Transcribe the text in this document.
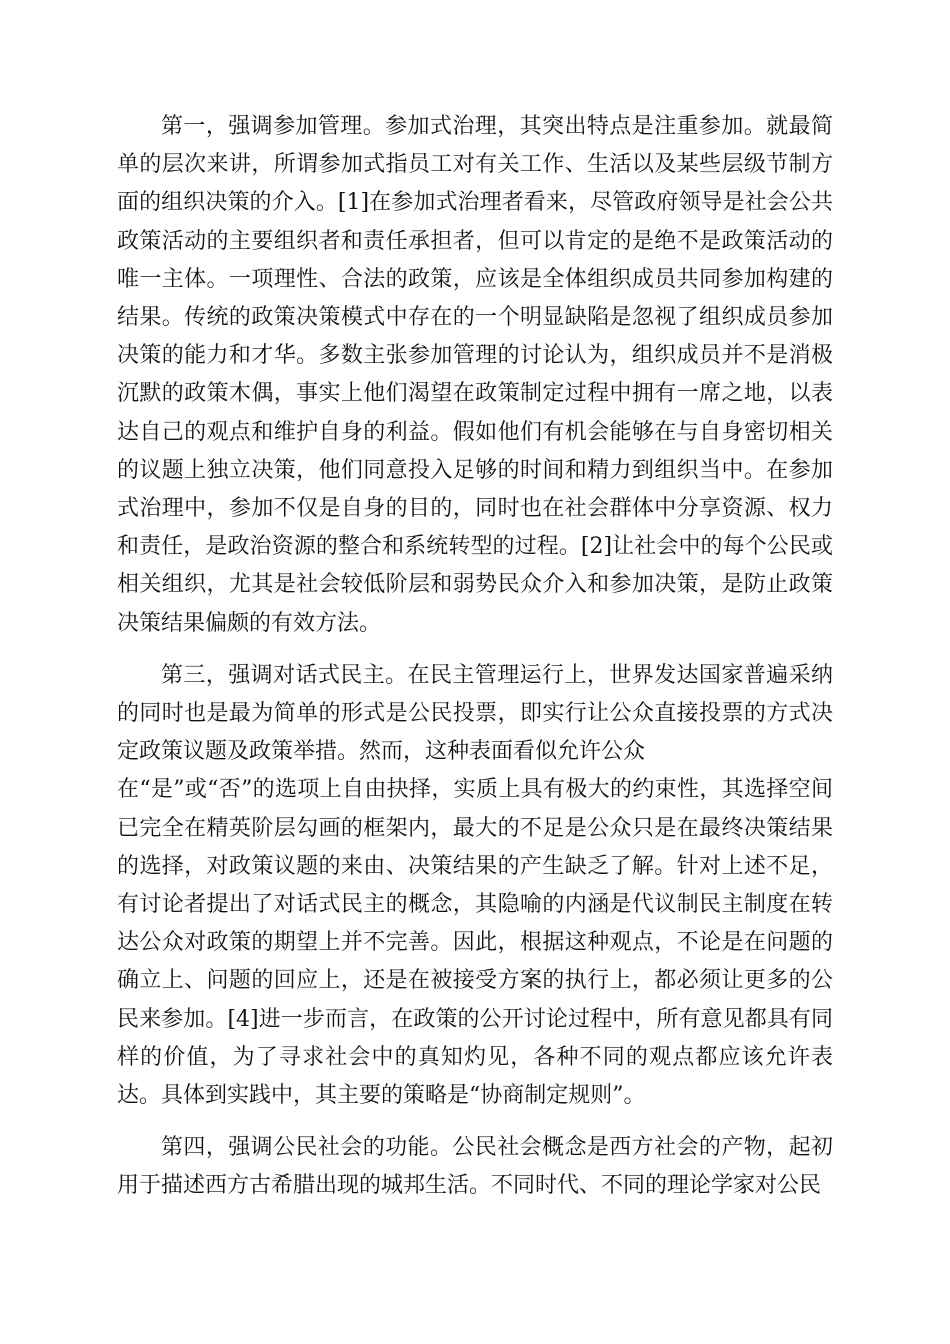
第一，强调参加管理。参加式治理，其突出特点是注重参加。就最简单的层次来讲，所谓参加式指员工对有关工作、生活以及某些层级节制方面的组织决策的介入。[1]在参加式治理者看来，尽管政府领导是社会公共政策活动的主要组织者和责任承担者，但可以肯定的是绝不是政策活动的唯一主体。一项理性、合法的政策，应该是全体组织成员共同参加构建的结果。传统的政策决策模式中存在的一个明显缺陷是忽视了组织成员参加决策的能力和才华。多数主张参加管理的讨论认为，组织成员并不是消极沉默的政策木偶，事实上他们渴望在政策制定过程中拥有一席之地，以表达自己的观点和维护自身的利益。假如他们有机会能够在与自身密切相关的议题上独立决策，他们同意投入足够的时间和精力到组织当中。在参加式治理中，参加不仅是自身的目的，同时也在社会群体中分享资源、权力和责任，是政治资源的整合和系统转型的过程。[2]让社会中的每个公民或相关组织，尤其是社会较低阶层和弱势民众介入和参加决策，是防止政策决策结果偏颇的有效方法。

第三，强调对话式民主。在民主管理运行上，世界发达国家普遍采纳的同时也是最为简单的形式是公民投票，即实行让公众直接投票的方式决定政策议题及政策举措。然而，这种表面看似允许公众

在“是”或“否”的选项上自由抉择，实质上具有极大的约束性，其选择空间已完全在精英阶层勾画的框架内，最大的不足是公众只是在最终决策结果的选择，对政策议题的来由、决策结果的产生缺乏了解。针对上述不足，有讨论者提出了对话式民主的概念，其隐喻的内涵是代议制民主制度在转达公众对政策的期望上并不完善。因此，根据这种观点，不论是在问题的确立上、问题的回应上，还是在被接受方案的执行上，都必须让更多的公民来参加。[4]进一步而言，在政策的公开讨论过程中，所有意见都具有同样的价值，为了寻求社会中的真知灼见，各种不同的观点都应该允许表达。具体到实践中，其主要的策略是“协商制定规则”。

第四，强调公民社会的功能。公民社会概念是西方社会的产物，起初用于描述西方古希腊出现的城邦生活。不同时代、不同的理论学家对公民
